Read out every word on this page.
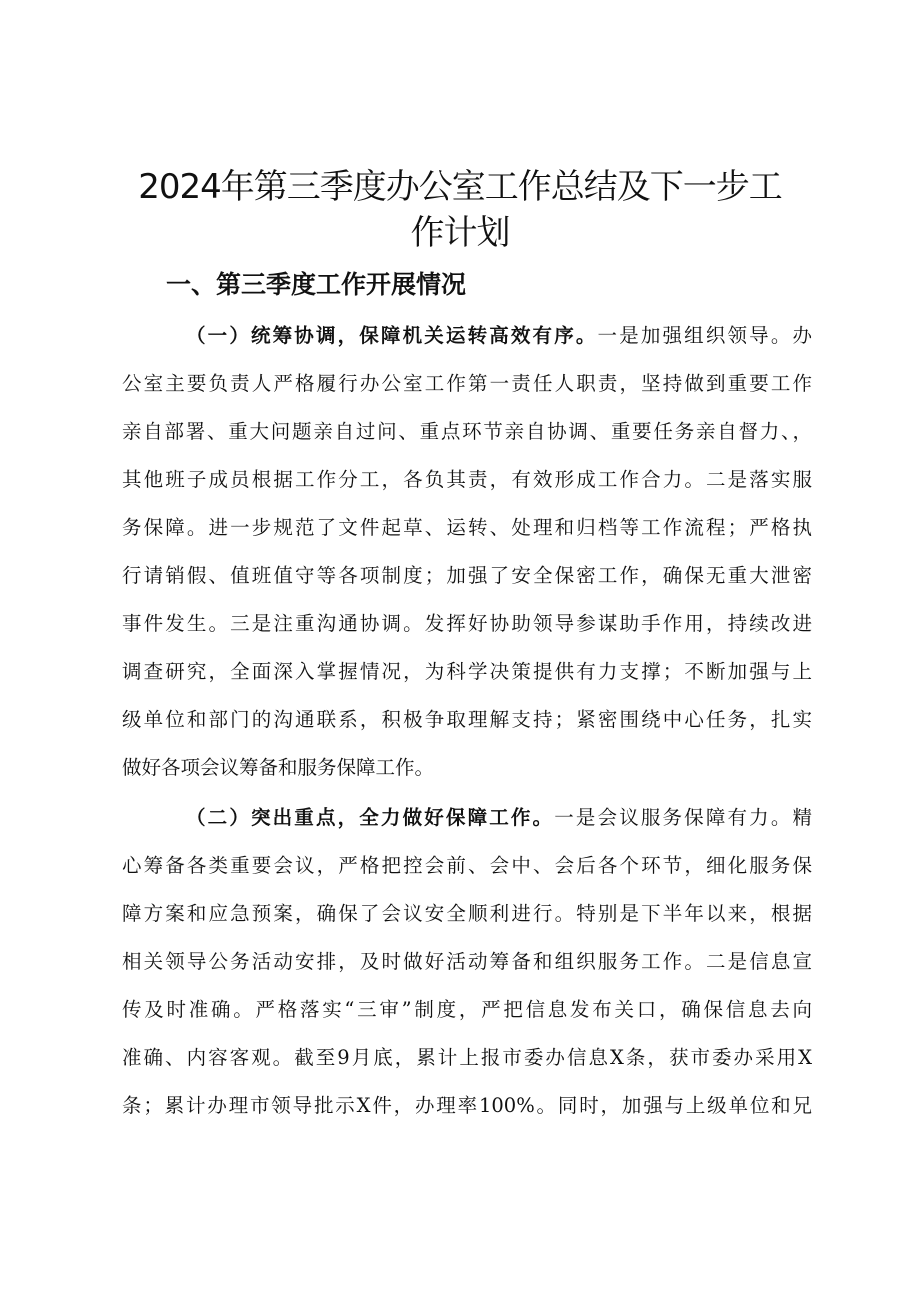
2024年第三季度办公室工作总结及下一步工
作计划
一、第三季度工作开展情况
（一）统筹协调，保障机关运转高效有序。一是加强组织领导。办
公室主要负责人严格履行办公室工作第一责任人职责，坚持做到重要工作
亲自部署、重大问题亲自过问、重点环节亲自协调、重要任务亲自督力、，
其他班子成员根据工作分工，各负其责，有效形成工作合力。二是落实服
务保障。进一步规范了文件起草、运转、处理和归档等工作流程；严格执
行请销假、值班值守等各项制度；加强了安全保密工作，确保无重大泄密
事件发生。三是注重沟通协调。发挥好协助领导参谋助手作用，持续改进
调查研究，全面深入掌握情况，为科学决策提供有力支撑；不断加强与上
级单位和部门的沟通联系，积极争取理解支持；紧密围绕中心任务，扎实
做好各项会议筹备和服务保障工作。
（二）突出重点，全力做好保障工作。一是会议服务保障有力。精
心筹备各类重要会议，严格把控会前、会中、会后各个环节，细化服务保
障方案和应急预案，确保了会议安全顺利进行。特别是下半年以来，根据
相关领导公务活动安排，及时做好活动筹备和组织服务工作。二是信息宣
传及时准确。严格落实“三审”制度，严把信息发布关口，确保信息去向
准确、内容客观。截至9月底，累计上报市委办信息X条，获市委办采用X
条；累计办理市领导批示X件，办理率100%。同时，加强与上级单位和兄
